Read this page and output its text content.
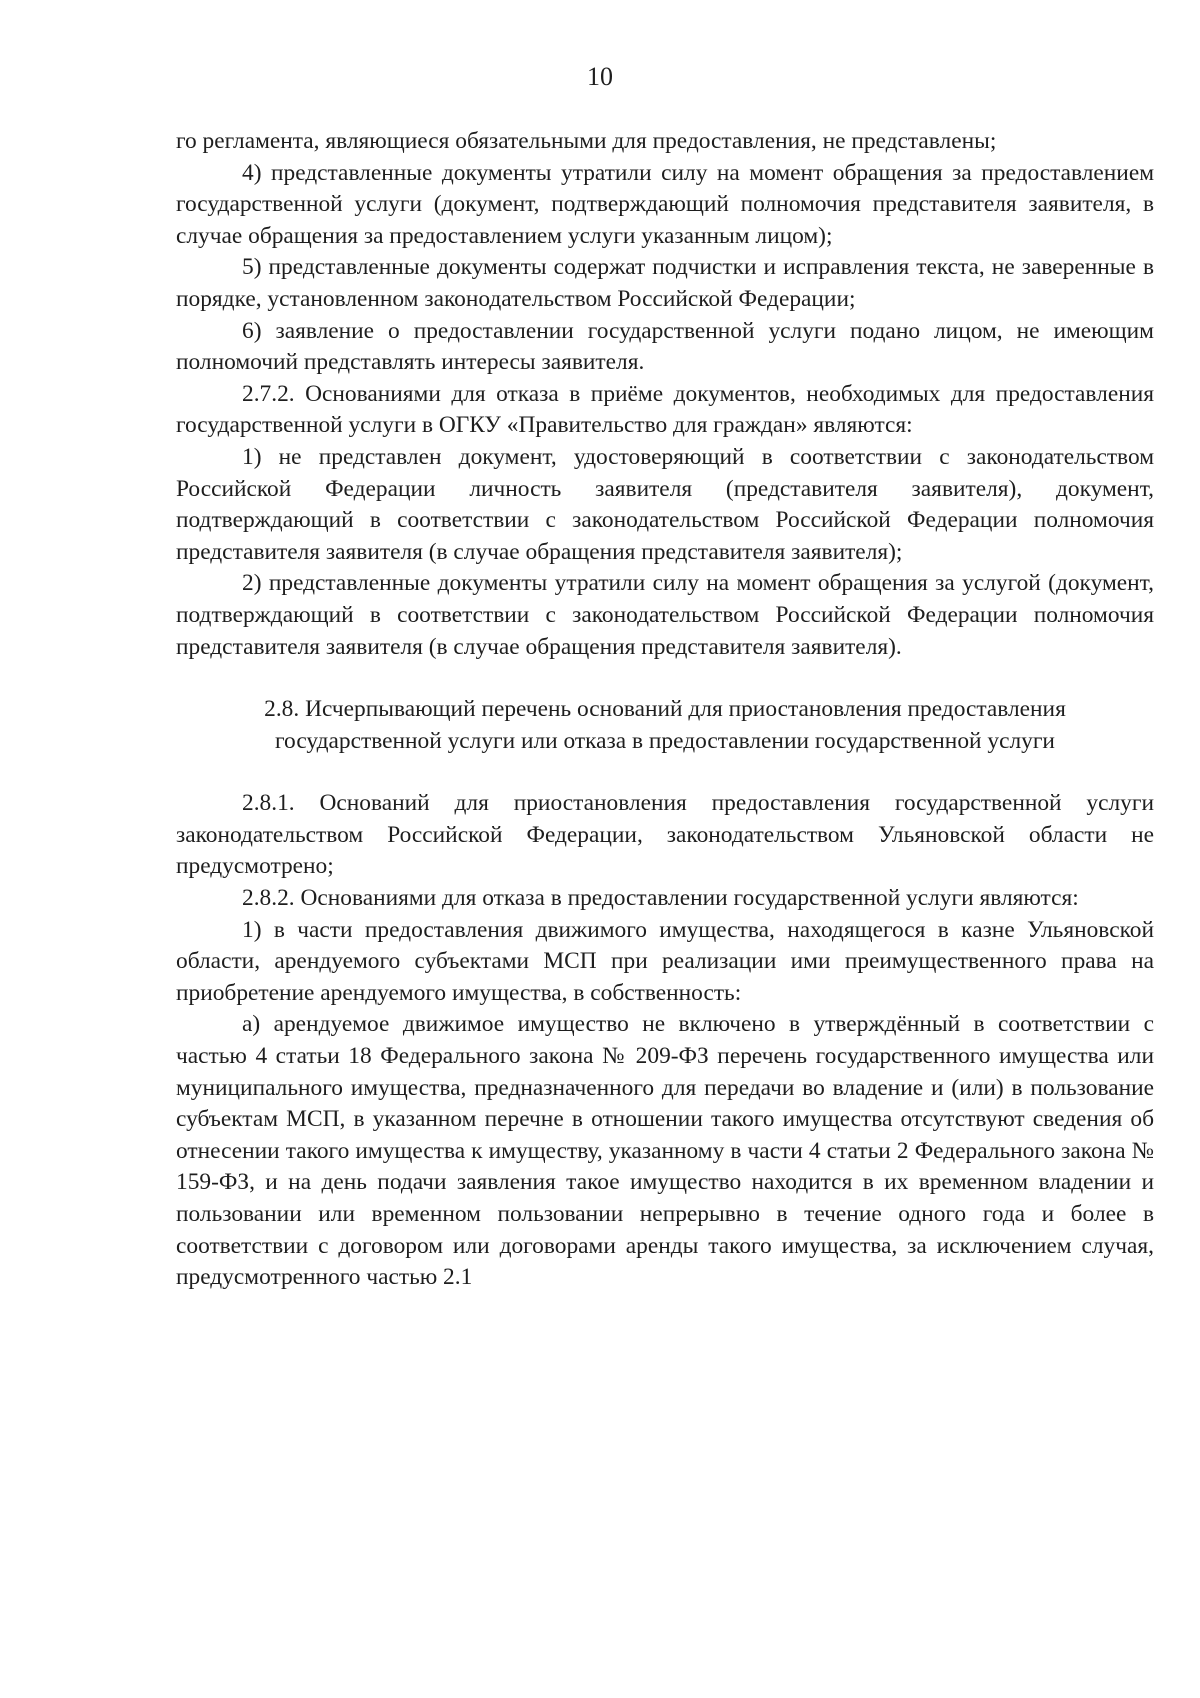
10

го регламента, являющиеся обязательными для предоставления, не представлены;

4) представленные документы утратили силу на момент обращения за предоставлением государственной услуги (документ, подтверждающий полномочия представителя заявителя, в случае обращения за предоставлением услуги указанным лицом);

5) представленные документы содержат подчистки и исправления текста, не заверенные в порядке, установленном законодательством Российской Федерации;

6) заявление о предоставлении государственной услуги подано лицом, не имеющим полномочий представлять интересы заявителя.

2.7.2. Основаниями для отказа в приёме документов, необходимых для предоставления государственной услуги в ОГКУ «Правительство для граждан» являются:

1) не представлен документ, удостоверяющий в соответствии с законодательством Российской Федерации личность заявителя (представителя заявителя), документ, подтверждающий в соответствии с законодательством Российской Федерации полномочия представителя заявителя (в случае обращения представителя заявителя);

2) представленные документы утратили силу на момент обращения за услугой (документ, подтверждающий в соответствии с законодательством Российской Федерации полномочия представителя заявителя (в случае обращения представителя заявителя).

2.8. Исчерпывающий перечень оснований для приостановления предоставления государственной услуги или отказа в предоставлении государственной услуги

2.8.1. Оснований для приостановления предоставления государственной услуги законодательством Российской Федерации, законодательством Ульяновской области не предусмотрено;

2.8.2. Основаниями для отказа в предоставлении государственной услуги являются:

1) в части предоставления движимого имущества, находящегося в казне Ульяновской области, арендуемого субъектами МСП при реализации ими преимущественного права на приобретение арендуемого имущества, в собственность:

а) арендуемое движимое имущество не включено в утверждённый в соответствии с частью 4 статьи 18 Федерального закона № 209-ФЗ перечень государственного имущества или муниципального имущества, предназначенного для передачи во владение и (или) в пользование субъектам МСП, в указанном перечне в отношении такого имущества отсутствуют сведения об отнесении такого имущества к имуществу, указанному в части 4 статьи 2 Федерального закона № 159-ФЗ, и на день подачи заявления такое имущество находится в их временном владении и пользовании или временном пользовании непрерывно в течение одного года и более в соответствии с договором или договорами аренды такого имущества, за исключением случая, предусмотренного частью 2.1
